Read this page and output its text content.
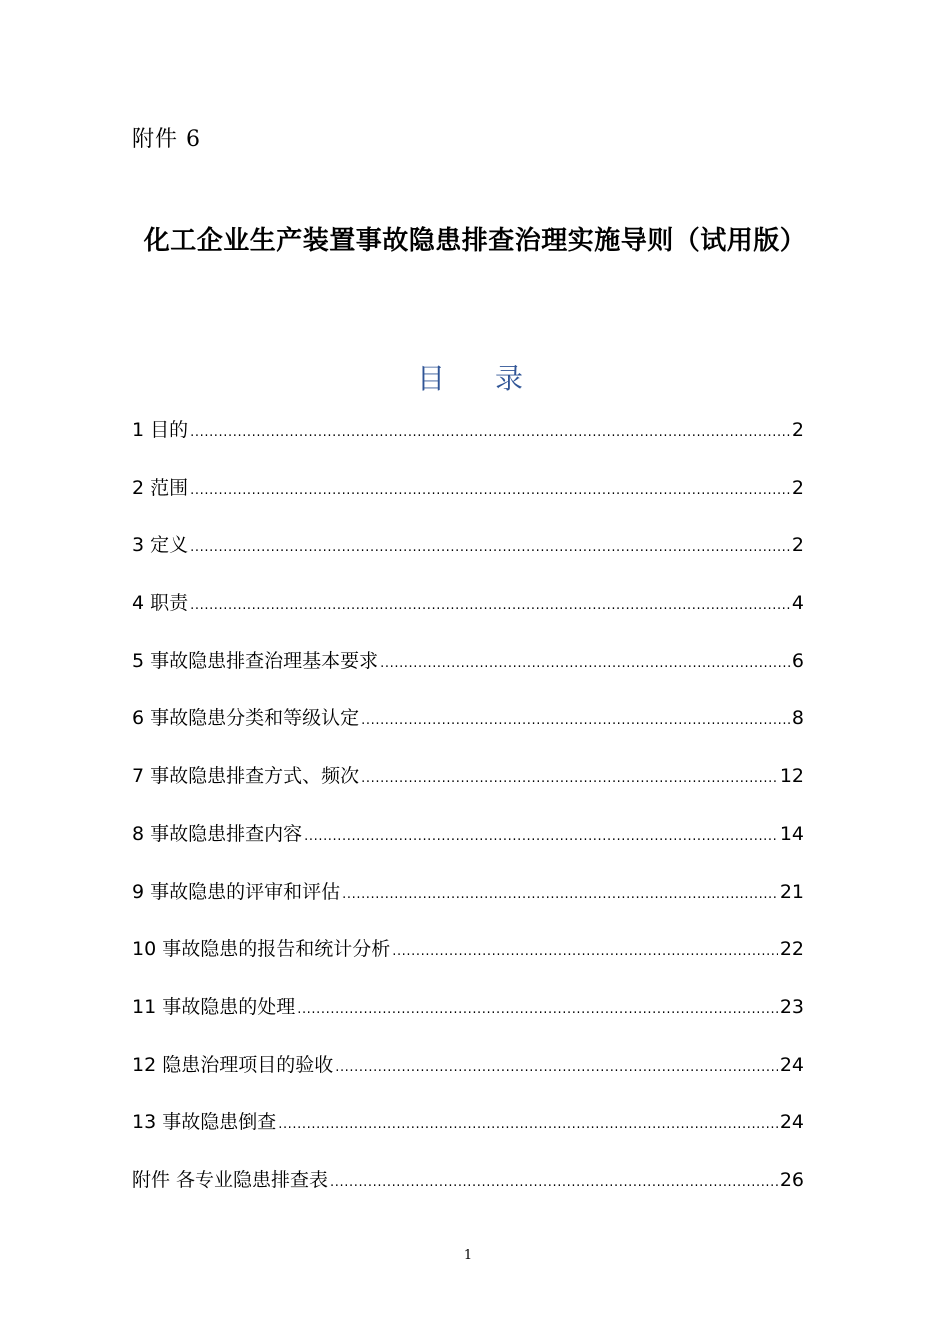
附件 6
化工企业生产装置事故隐患排查治理实施导则（试用版）
目录
1 目的 .....	2
2 范围 .....	2
3 定义 .....	2
4 职责 .....	4
5 事故隐患排查治理基本要求 .....	6
6 事故隐患分类和等级认定 .....	8
7 事故隐患排查方式、频次 .....	12
8 事故隐患排查内容 .....	14
9 事故隐患的评审和评估 .....	21
10 事故隐患的报告和统计分析 .....	22
11 事故隐患的处理 .....	23
12 隐患治理项目的验收 .....	24
13 事故隐患倒查 .....	24
附件 各专业隐患排查表 .....	26
1
